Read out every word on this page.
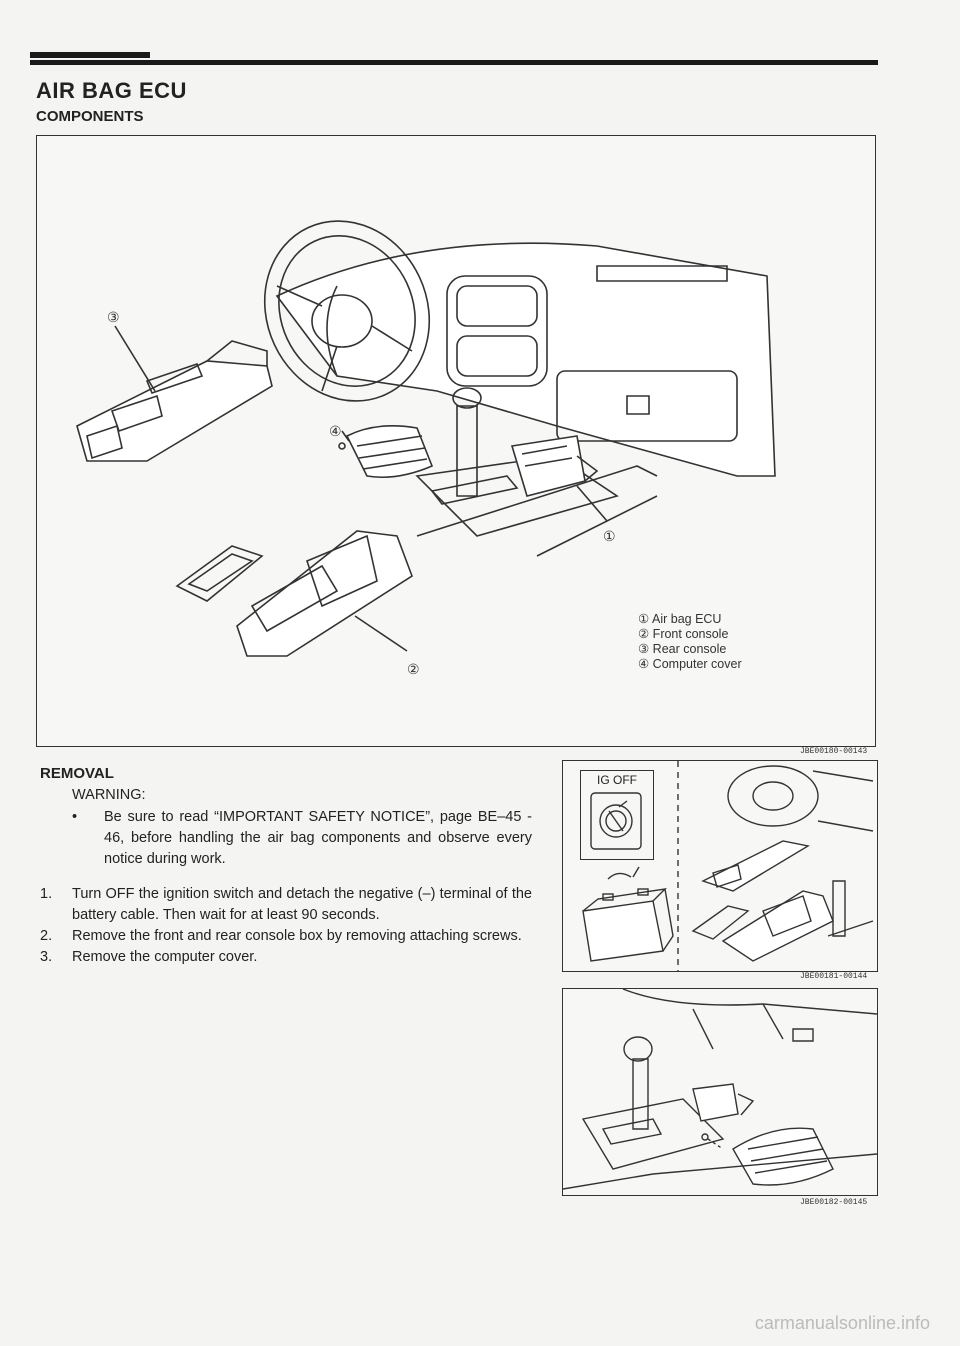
AIR BAG ECU
COMPONENTS
③
④
①
②
JBE00180-00143
① Air bag ECU
② Front console
③ Rear console
④ Computer cover
REMOVAL
WARNING:
• Be sure to read “IMPORTANT SAFETY NOTICE”, page BE–45 - 46, before handling the air bag components and observe every notice during work.
1. Turn OFF the ignition switch and detach the negative (–) terminal of the battery cable. Then wait for at least 90 seconds.
2. Remove the front and rear console box by removing attaching screws.
3. Remove the computer cover.
IG OFF
JBE00181-00144
JBE00182-00145
carmanualsonline.info
